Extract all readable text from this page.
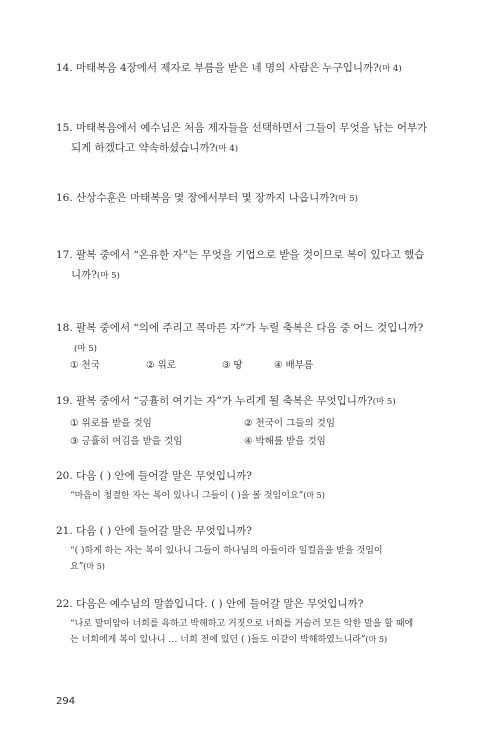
14. 마태복음 4장에서 제자로 부름을 받은 네 명의 사람은 누구입니까?(마 4)
15. 마태복음에서 예수님은 처음 제자들을 선택하면서 그들이 무엇을 낚는 어부가
되게 하겠다고 약속하셨습니까?(마 4)
16. 산상수훈은 마태복음 몇 장에서부터 몇 장까지 나옵니까?(마 5)
17. 팔복 중에서 “온유한 자”는 무엇을 기업으로 받을 것이므로 복이 있다고 했습
니까?(마 5)
18. 팔복 중에서 “의에 주리고 목마른 자”가 누릴 축복은 다음 중 어느 것입니까?
(마 5)
① 천국	② 위로	③ 땅	④ 배부름
19. 팔복 중에서 “긍휼히 여기는 자”가 누리게 될 축복은 무엇입니까?(마 5)
① 위로를 받을 것임	② 천국이 그들의 것임
③ 긍휼히 여김을 받을 것임	④ 박해를 받을 것임
20. 다음 ( ) 안에 들어갈 말은 무엇입니까?
“마음이 청결한 자는 복이 있나니 그들이 ( )을 볼 것임이요”(마 5)
21. 다음 ( ) 안에 들어갈 말은 무엇입니까?
“( )하게 하는 자는 복이 있나니 그들이 하나님의 아들이라 일컬음을 받을 것임이
요”(마 5)
22. 다음은 예수님의 말씀입니다. ( ) 안에 들어갈 말은 무엇입니까?
“나로 말미암아 너희를 욕하고 박해하고 거짓으로 너희를 거슬러 모든 악한 말을 할 때에
는 너희에게 복이 있나니 … 너희 전에 있던 ( )들도 이같이 박해하였느니라”(마 5)
294
